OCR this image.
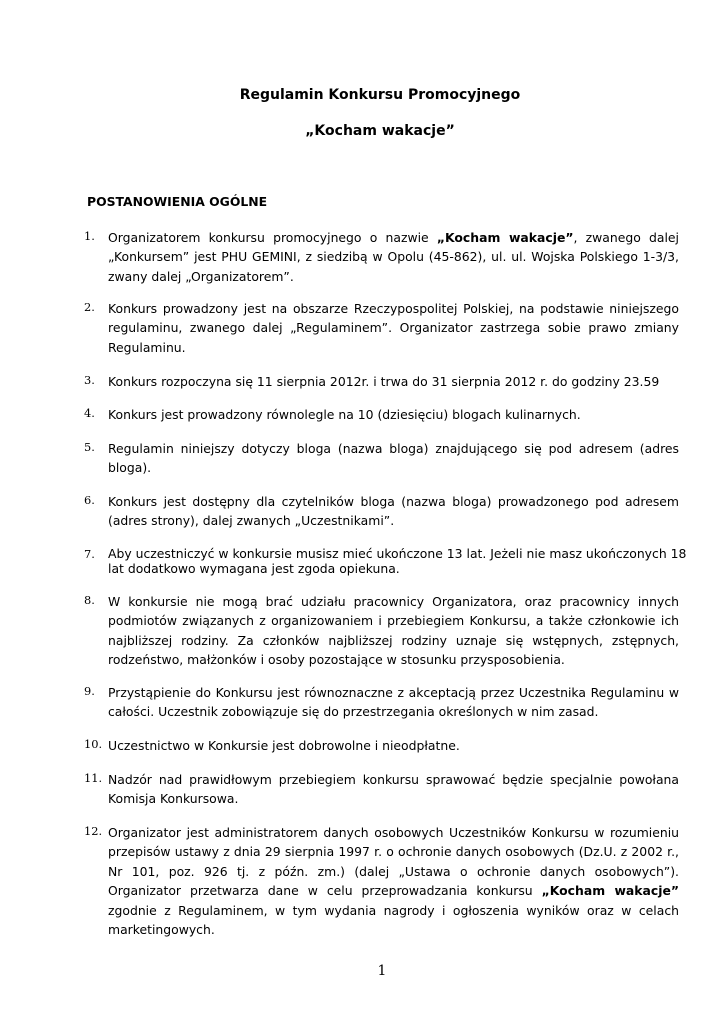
Regulamin Konkursu Promocyjnego
„Kocham wakacje”
POSTANOWIENIA OGÓLNE
1. Organizatorem konkursu promocyjnego o nazwie „Kocham wakacje”, zwanego dalej „Konkursem” jest PHU GEMINI, z siedzibą w Opolu (45-862), ul. ul. Wojska Polskiego 1-3/3, zwany dalej „Organizatorem”.

2. Konkurs prowadzony jest na obszarze Rzeczypospolitej Polskiej, na podstawie niniejszego regulaminu, zwanego dalej „Regulaminem”. Organizator zastrzega sobie prawo zmiany Regulaminu.

3. Konkurs rozpoczyna się 11 sierpnia 2012r. i trwa do 31 sierpnia 2012 r. do godziny 23.59

4. Konkurs jest prowadzony równolegle na 10 (dziesięciu) blogach kulinarnych.

5. Regulamin niniejszy dotyczy bloga (nazwa bloga) znajdującego się pod adresem (adres bloga).

6. Konkurs jest dostępny dla czytelników bloga (nazwa bloga) prowadzonego pod adresem (adres strony), dalej zwanych „Uczestnikami”.

7. Aby uczestniczyć w konkursie musisz mieć ukończone 13 lat. Jeżeli nie masz ukończonych 18 lat dodatkowo wymagana jest zgoda opiekuna.

8. W konkursie nie mogą brać udziału pracownicy Organizatora, oraz pracownicy innych podmiotów związanych z organizowaniem i przebiegiem Konkursu, a także członkowie ich najbliższej rodziny. Za członków najbliższej rodziny uznaje się wstępnych, zstępnych, rodzeństwo, małżonków i osoby pozostające w stosunku przysposobienia.

9. Przystąpienie do Konkursu jest równoznaczne z akceptacją przez Uczestnika Regulaminu w całości. Uczestnik zobowiązuje się do przestrzegania określonych w nim zasad.

10. Uczestnictwo w Konkursie jest dobrowolne i nieodpłatne.

11. Nadzór nad prawidłowym przebiegiem konkursu sprawować będzie specjalnie powołana Komisja Konkursowa.

12. Organizator jest administratorem danych osobowych Uczestników Konkursu w rozumieniu przepisów ustawy z dnia 29 sierpnia 1997 r. o ochronie danych osobowych (Dz.U. z 2002 r., Nr 101, poz. 926 tj. z późn. zm.) (dalej „Ustawa o ochronie danych osobowych”). Organizator przetwarza dane w celu przeprowadzania konkursu „Kocham wakacje” zgodnie z Regulaminem, w tym wydania nagrody i ogłoszenia wyników oraz w celach marketingowych.

1
